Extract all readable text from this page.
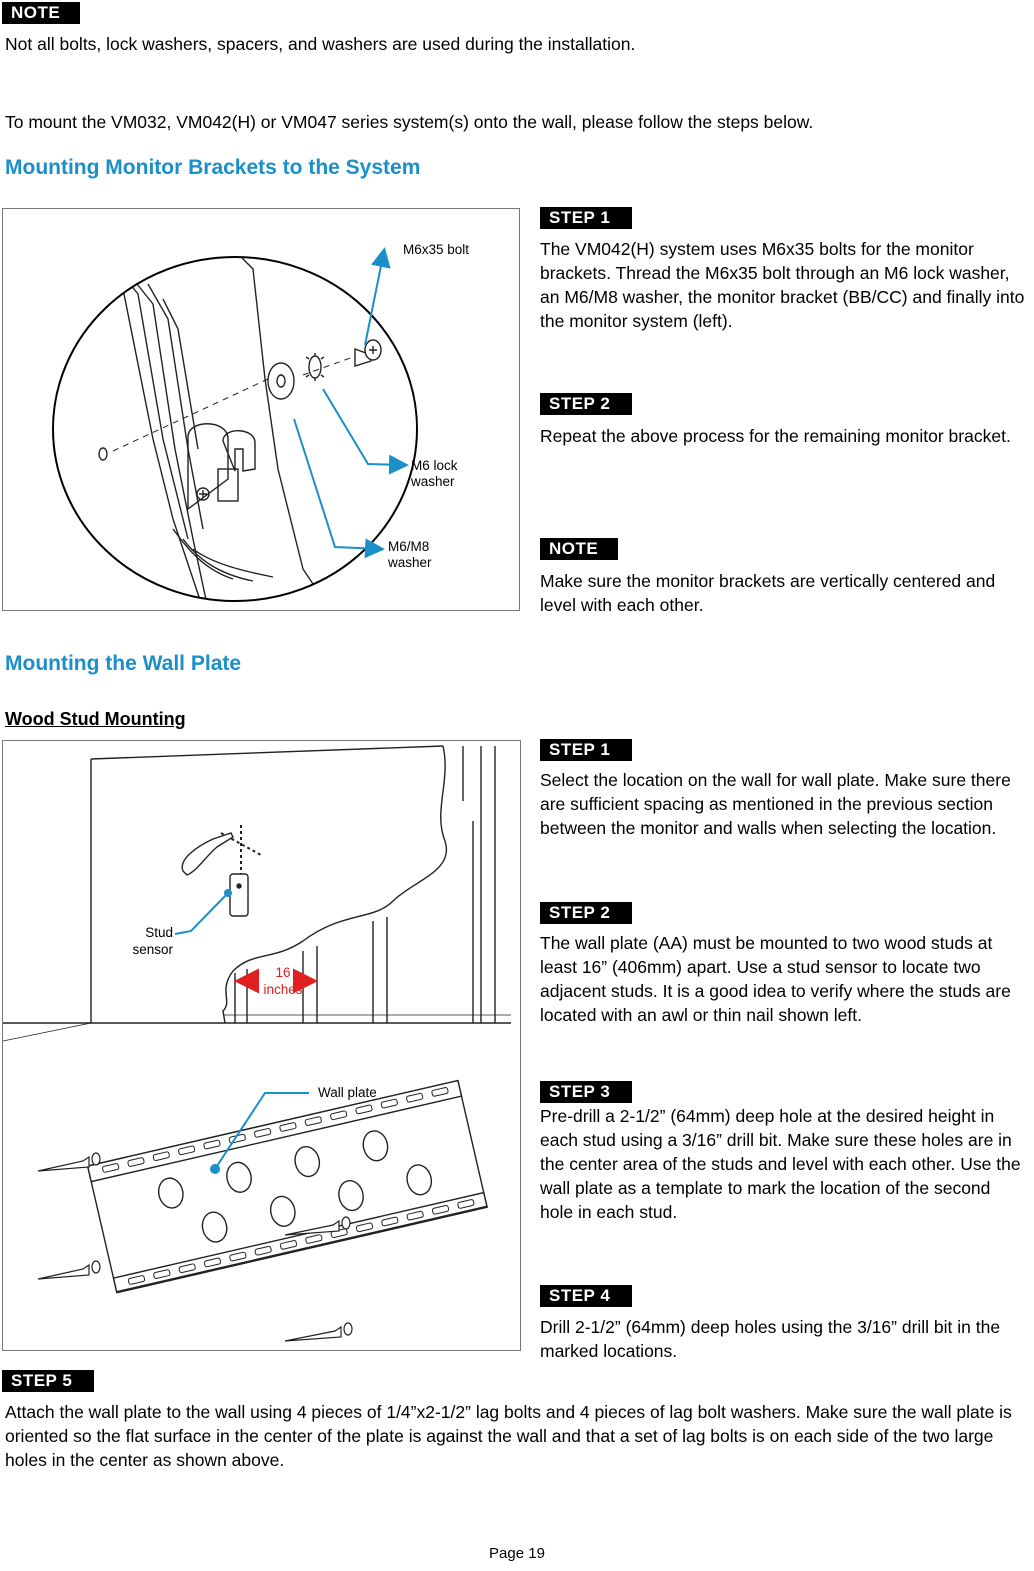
NOTE
Not all bolts, lock washers, spacers, and washers are used during the installation.
To mount the VM032, VM042(H) or VM047 series system(s) onto the wall, please follow the steps below.
Mounting Monitor Brackets to the System
M6x35 bolt
M6 lock
washer
M6/M8
washer
STEP 1
The VM042(H) system uses M6x35 bolts for the monitor brackets. Thread the M6x35 bolt through an M6 lock washer, an M6/M8 washer, the monitor bracket (BB/CC) and finally into the monitor system (left).
STEP 2
Repeat the above process for the remaining monitor bracket.
NOTE
Make sure the monitor brackets are vertically centered and level with each other.
Mounting the Wall Plate
Wood Stud Mounting
Stud
sensor
16
inches
Wall plate
STEP 1
Select the location on the wall for wall plate. Make sure there are sufficient spacing as mentioned in the previous section between the monitor and walls when selecting the location.
STEP 2
The wall plate (AA) must be mounted to two wood studs at least 16” (406mm) apart. Use a stud sensor to locate two adjacent studs. It is a good idea to verify where the studs are located with an awl or thin nail shown left.
STEP 3
Pre-drill a 2-1/2” (64mm) deep hole at the desired height in each stud using a 3/16” drill bit. Make sure these holes are in the center area of the studs and level with each other. Use the wall plate as a template to mark the location of the second hole in each stud.
STEP 4
Drill 2-1/2” (64mm) deep holes using the 3/16” drill bit in the marked locations.
STEP 5
Attach the wall plate to the wall using 4 pieces of 1/4”x2-1/2” lag bolts and 4 pieces of lag bolt washers. Make sure the wall plate is oriented so the flat surface in the center of the plate is against the wall and that a set of lag bolts is on each side of the two large holes in the center as shown above.
Page 19
